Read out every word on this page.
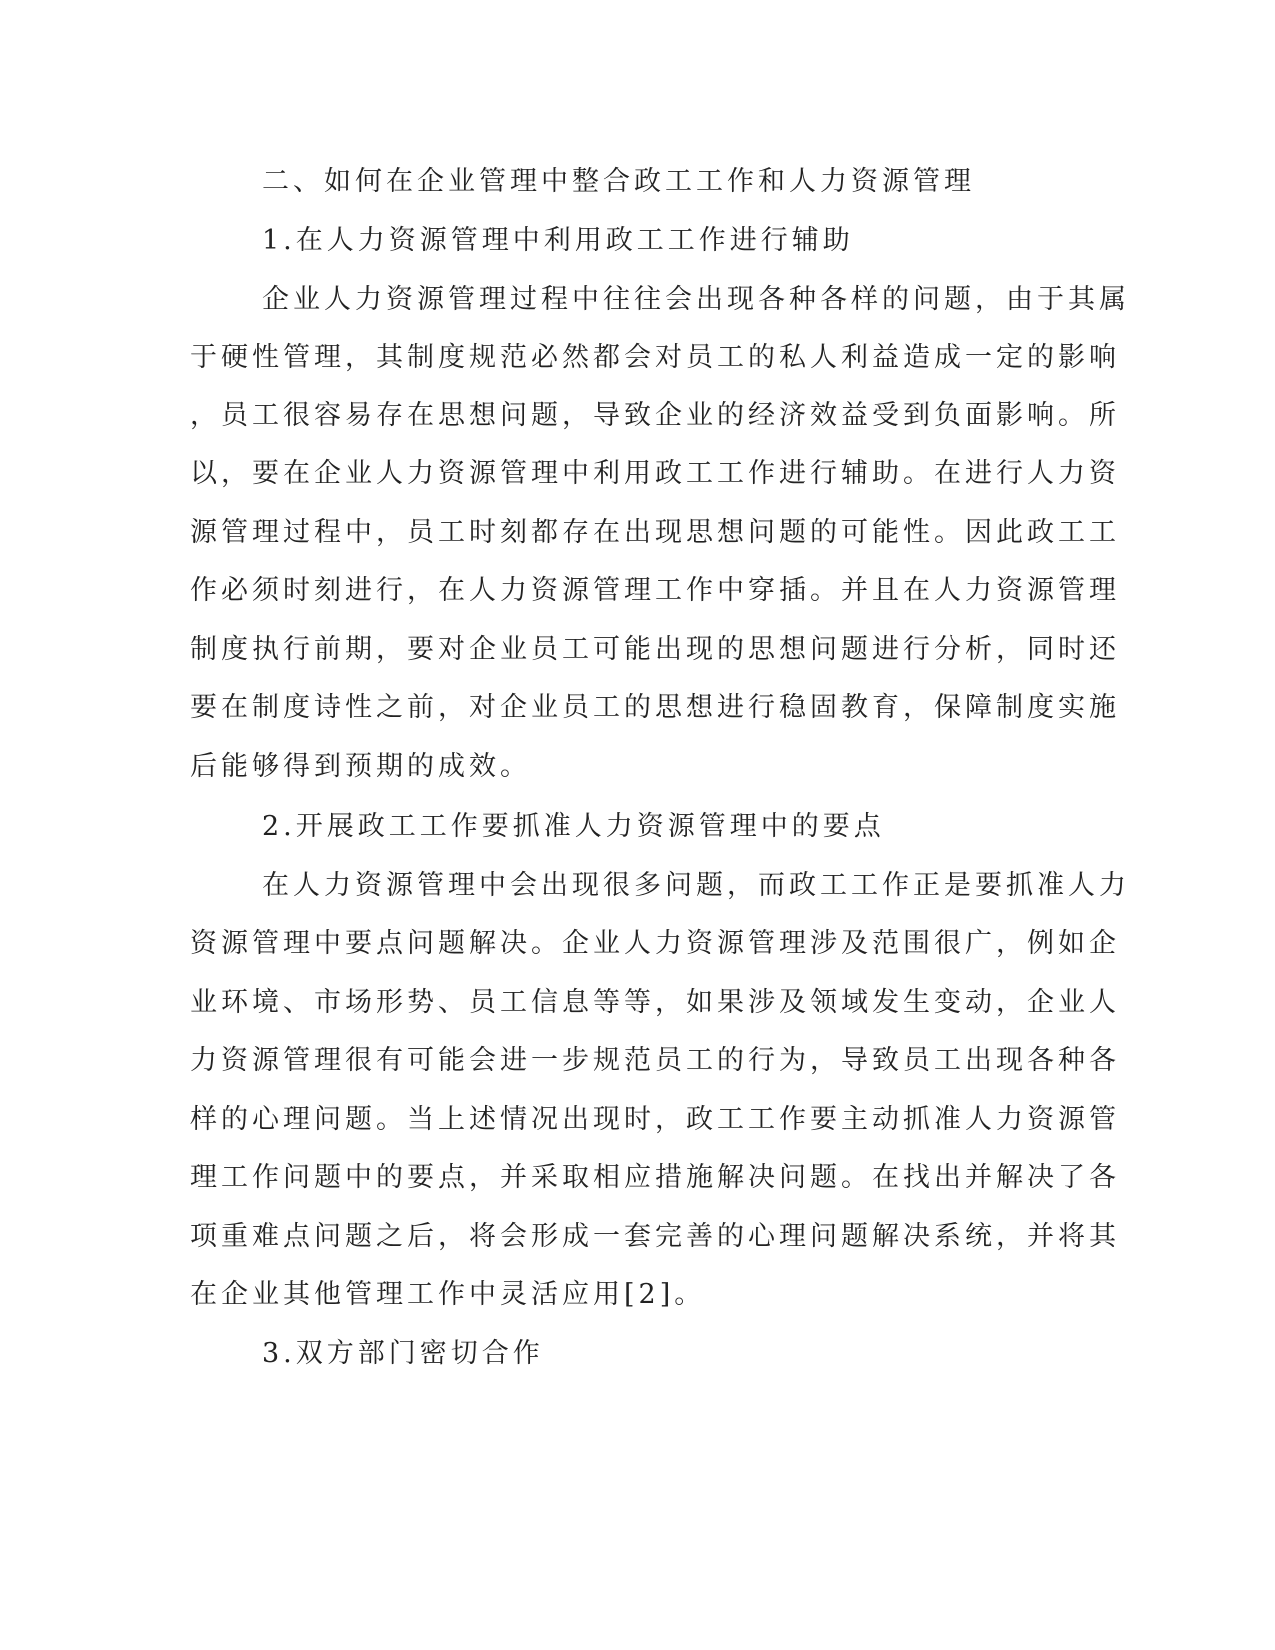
二、如何在企业管理中整合政工工作和人力资源管理
1.在人力资源管理中利用政工工作进行辅助
企业人力资源管理过程中往往会出现各种各样的问题，由于其属
于硬性管理，其制度规范必然都会对员工的私人利益造成一定的影响
，员工很容易存在思想问题，导致企业的经济效益受到负面影响。所
以，要在企业人力资源管理中利用政工工作进行辅助。在进行人力资
源管理过程中，员工时刻都存在出现思想问题的可能性。因此政工工
作必须时刻进行，在人力资源管理工作中穿插。并且在人力资源管理
制度执行前期，要对企业员工可能出现的思想问题进行分析，同时还
要在制度诗性之前，对企业员工的思想进行稳固教育，保障制度实施
后能够得到预期的成效。
2.开展政工工作要抓准人力资源管理中的要点
在人力资源管理中会出现很多问题，而政工工作正是要抓准人力
资源管理中要点问题解决。企业人力资源管理涉及范围很广，例如企
业环境、市场形势、员工信息等等，如果涉及领域发生变动，企业人
力资源管理很有可能会进一步规范员工的行为，导致员工出现各种各
样的心理问题。当上述情况出现时，政工工作要主动抓准人力资源管
理工作问题中的要点，并采取相应措施解决问题。在找出并解决了各
项重难点问题之后，将会形成一套完善的心理问题解决系统，并将其
在企业其他管理工作中灵活应用[2]。
3.双方部门密切合作
